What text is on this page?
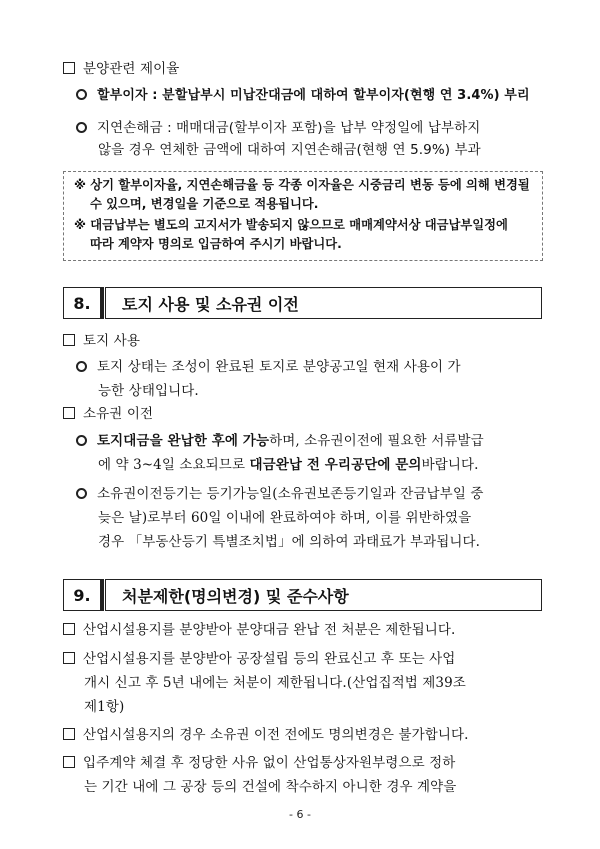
분양관련 제이율
할부이자 : 분할납부시 미납잔대금에 대하여 할부이자(현행 연 3.4%) 부리
지연손해금 : 매매대금(할부이자 포함)을 납부 약정일에 납부하지
않을 경우 연체한 금액에 대하여 지연손해금(현행 연 5.9%) 부과
※ 상기 할부이자율, 지연손해금율 등 각종 이자율은 시중금리 변동 등에 의해 변경될
수 있으며, 변경일을 기준으로 적용됩니다.
※ 대금납부는 별도의 고지서가 발송되지 않으므로 매매계약서상 대금납부일정에
따라 계약자 명의로 입금하여 주시기 바랍니다.
8.	토지 사용 및 소유권 이전
토지 사용
토지 상태는 조성이 완료된 토지로 분양공고일 현재 사용이 가
능한 상태입니다.
소유권 이전
토지대금을 완납한 후에 가능하며, 소유권이전에 필요한 서류발급
에 약 3~4일 소요되므로 대금완납 전 우리공단에 문의바랍니다.
소유권이전등기는 등기가능일(소유권보존등기일과 잔금납부일 중
늦은 날)로부터 60일 이내에 완료하여야 하며, 이를 위반하였을
경우 「부동산등기 특별조치법」에 의하여 과태료가 부과됩니다.
9.	처분제한(명의변경) 및 준수사항
산업시설용지를 분양받아 분양대금 완납 전 처분은 제한됩니다.
산업시설용지를 분양받아 공장설립 등의 완료신고 후 또는 사업
개시 신고 후 5년 내에는 처분이 제한됩니다.(산업집적법 제39조
제1항)
산업시설용지의 경우 소유권 이전 전에도 명의변경은 불가합니다.
입주계약 체결 후 정당한 사유 없이 산업통상자원부령으로 정하
는 기간 내에 그 공장 등의 건설에 착수하지 아니한 경우 계약을
- 6 -
